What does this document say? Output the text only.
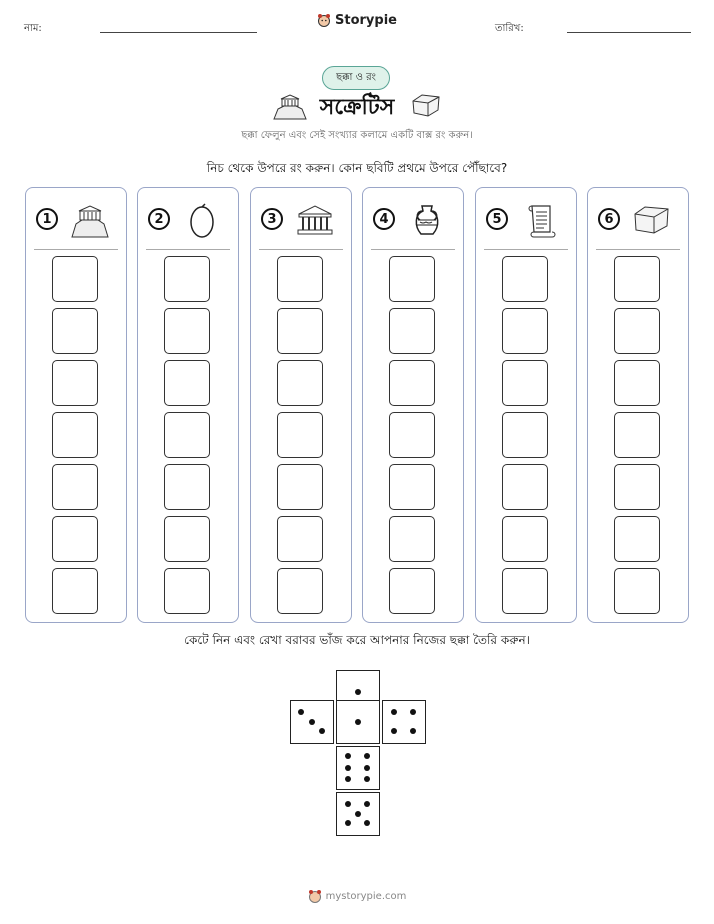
নাম:
Storypie
তারিখ:
ছক্কা ও রং
সক্রেটিস
ছক্কা ফেলুন এবং সেই সংখ্যার কলামে একটি বাক্স রং করুন।
নিচ থেকে উপরে রং করুন। কোন ছবিটি প্রথমে উপরে পৌঁছাবে?
1	2	3	4	5	6
কেটে নিন এবং রেখা বরাবর ভাঁজ করে আপনার নিজের ছক্কা তৈরি করুন।
mystorypie.com
